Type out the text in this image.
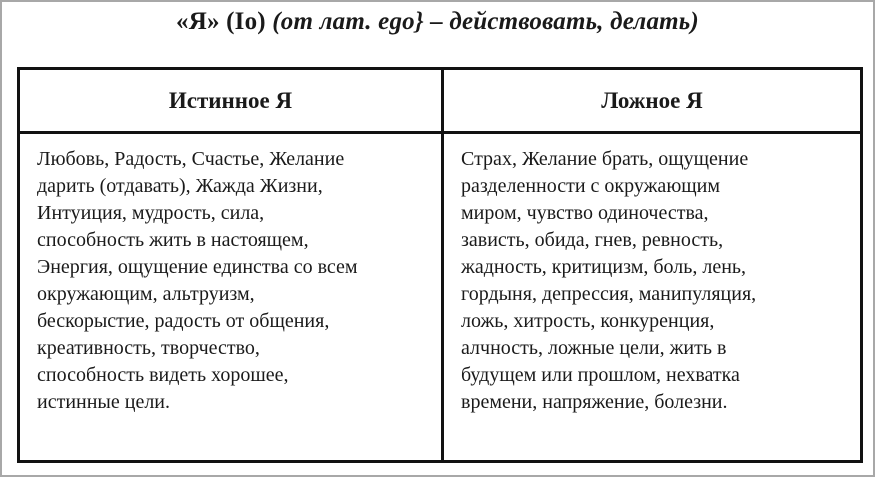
«Я» (Io) (от лат. ego} – действовать, делать)
Истинное Я	Ложное Я
Любовь, Радость, Счастье, Желание
дарить (отдавать), Жажда Жизни,
Интуиция, мудрость, сила,
способность жить в настоящем,
Энергия, ощущение единства со всем
окружающим, альтруизм,
бескорыстие, радость от общения,
креативность, творчество,
способность видеть хорошее,
истинные цели.
Страх, Желание брать, ощущение
разделенности с окружающим
миром, чувство одиночества,
зависть, обида, гнев, ревность,
жадность, критицизм, боль, лень,
гордыня, депрессия, манипуляция,
ложь, хитрость, конкуренция,
алчность, ложные цели, жить в
будущем или прошлом, нехватка
времени, напряжение, болезни.
